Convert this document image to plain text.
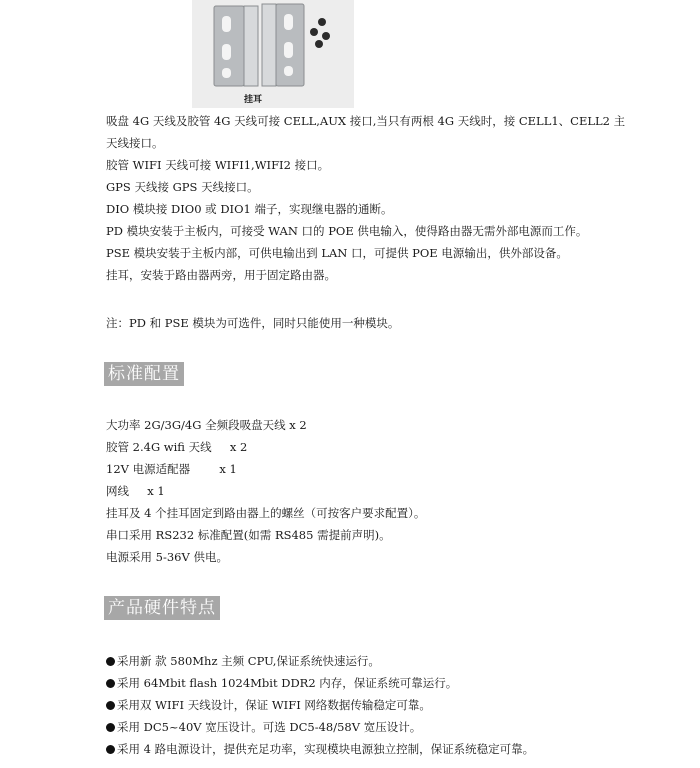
挂耳

吸盘 4G 天线及胶管 4G 天线可接 CELL,AUX 接口,当只有两根 4G 天线时，接 CELL1、CELL2 主

天线接口。

胶管 WIFI 天线可接 WIFI1,WIFI2 接口。

GPS 天线接 GPS 天线接口。

DIO 模块接 DIO0 或 DIO1 端子，实现继电器的通断。

PD 模块安装于主板内，可接受 WAN 口的 POE 供电输入，使得路由器无需外部电源而工作。

PSE 模块安装于主板内部，可供电输出到 LAN 口，可提供 POE 电源输出，供外部设备。

挂耳，安装于路由器两旁，用于固定路由器。

注：PD 和 PSE 模块为可选件，同时只能使用一种模块。
标准配置

大功率 2G/3G/4G 全频段吸盘天线 x 2

胶管 2.4G wifi 天线     x 2

12V 电源适配器        x 1

网线     x 1

挂耳及 4 个挂耳固定到路由器上的螺丝（可按客户要求配置）。

串口采用 RS232 标准配置(如需 RS485 需提前声明)。

电源采用 5-36V 供电。

产品硬件特点
采用新 款 580Mhz 主频 CPU,保证系统快速运行。
采用 64Mbit flash 1024Mbit DDR2 内存，保证系统可靠运行。
采用双 WIFI 天线设计，保证 WIFI 网络数据传输稳定可靠。
采用 DC5~40V 宽压设计。可选 DC5-48/58V 宽压设计。
采用 4 路电源设计，提供充足功率，实现模块电源独立控制，保证系统稳定可靠。
